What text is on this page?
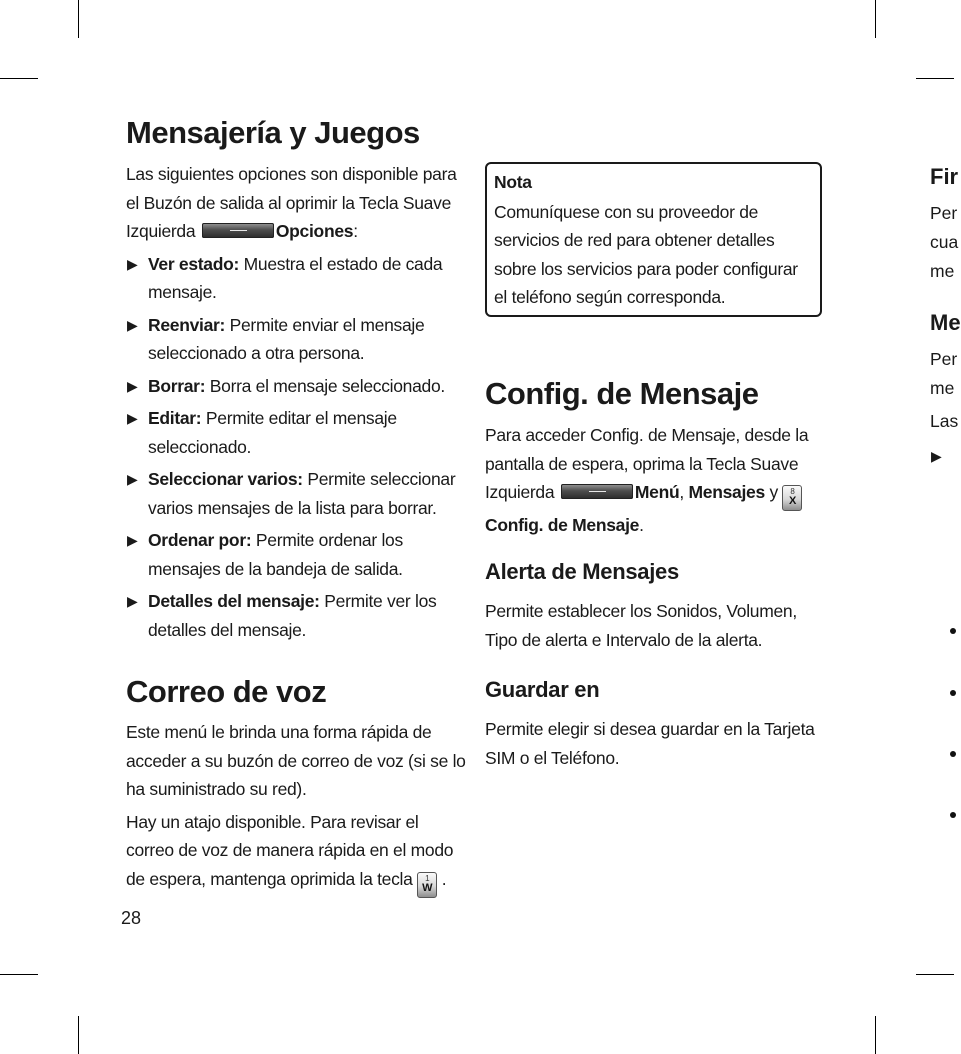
Mensajería y Juegos

Las siguientes opciones son disponible para el Buzón de salida al oprimir la Tecla Suave Izquierda	Opciones:

▶ Ver estado: Muestra el estado de cada mensaje.
▶ Reenviar: Permite enviar el mensaje seleccionado a otra persona.
▶ Borrar: Borra el mensaje seleccionado.
▶ Editar: Permite editar el mensaje seleccionado.
▶ Seleccionar varios: Permite seleccionar varios mensajes de la lista para borrar.
▶ Ordenar por: Permite ordenar los mensajes de la bandeja de salida.
▶ Detalles del mensaje: Permite ver los detalles del mensaje.
Correo de voz

Este menú le brinda una forma rápida de acceder a su buzón de correo de voz (si se lo ha suministrado su red).

Hay un atajo disponible. Para revisar el correo de voz de manera rápida en el modo de espera, mantenga oprimida la tecla	1
W .

28
Nota

Comuníquese con su proveedor de servicios de red para obtener detalles sobre los servicios para poder configurar el teléfono según corresponda.

Config. de Mensaje

Para acceder Config. de Mensaje, desde la pantalla de espera, oprima la Tecla Suave Izquierda	Menú, Mensajes y	8
X
Config. de Mensaje.

Alerta de Mensajes

Permite establecer los Sonidos, Volumen, Tipo de alerta e Intervalo de la alerta.

Guardar en

Permite elegir si desea guardar en la Tarjeta SIM o el Teléfono.

Fir
Per
cua
me
Me
Per
me
Las
▶
